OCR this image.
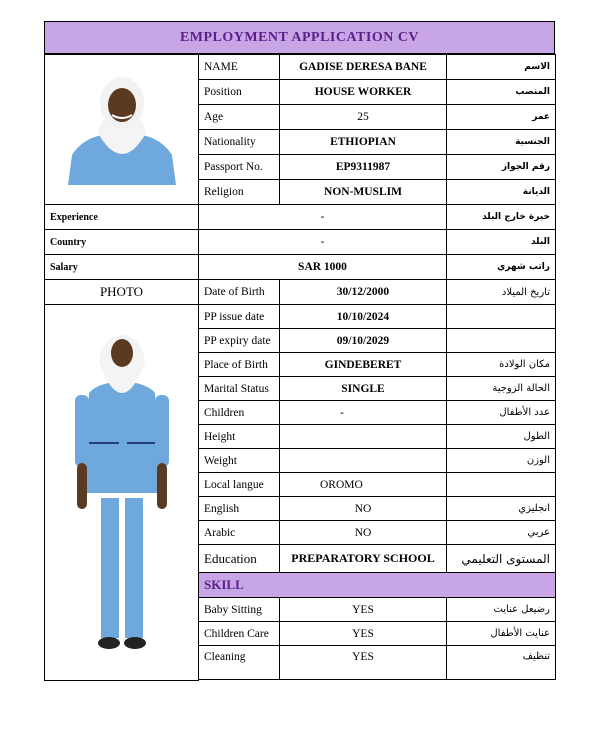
EMPLOYMENT APPLICATION CV
	NAME	GADISE DERESA BANE	الاسم
	Position	HOUSE WORKER	المنصب
	Age	25	عمر
	Nationality	ETHIOPIAN	الجنسية
	Passport No.	EP9311987	رقم الجواز
	Religion	NON-MUSLIM	الديانة
Experience	-		خبرة خارج البلد
Country	-		البلد
Salary	SAR 1000		راتب شهري
PHOTO	Date of Birth	30/12/2000	تاريخ الميلاد

	PP issue date	10/10/2024	
	PP expiry date	09/10/2029	
	Place of Birth	GINDEBERET	مكان الولادة
	Marital Status	SINGLE	الحالة الزوجية
	Children	-	عدد الأطفال
	Height		الطول
	Weight		الوزن
	Local langue	OROMO	
	English	NO	انجليزي
	Arabic	NO	عربي
	Education	PREPARATORY SCHOOL	المستوى التعليمي
	SKILL		
	Baby Sitting	YES	رضيعل عنايت
	Children Care	YES	عنايت الأطفال
	Cleaning	YES	تنظيف
